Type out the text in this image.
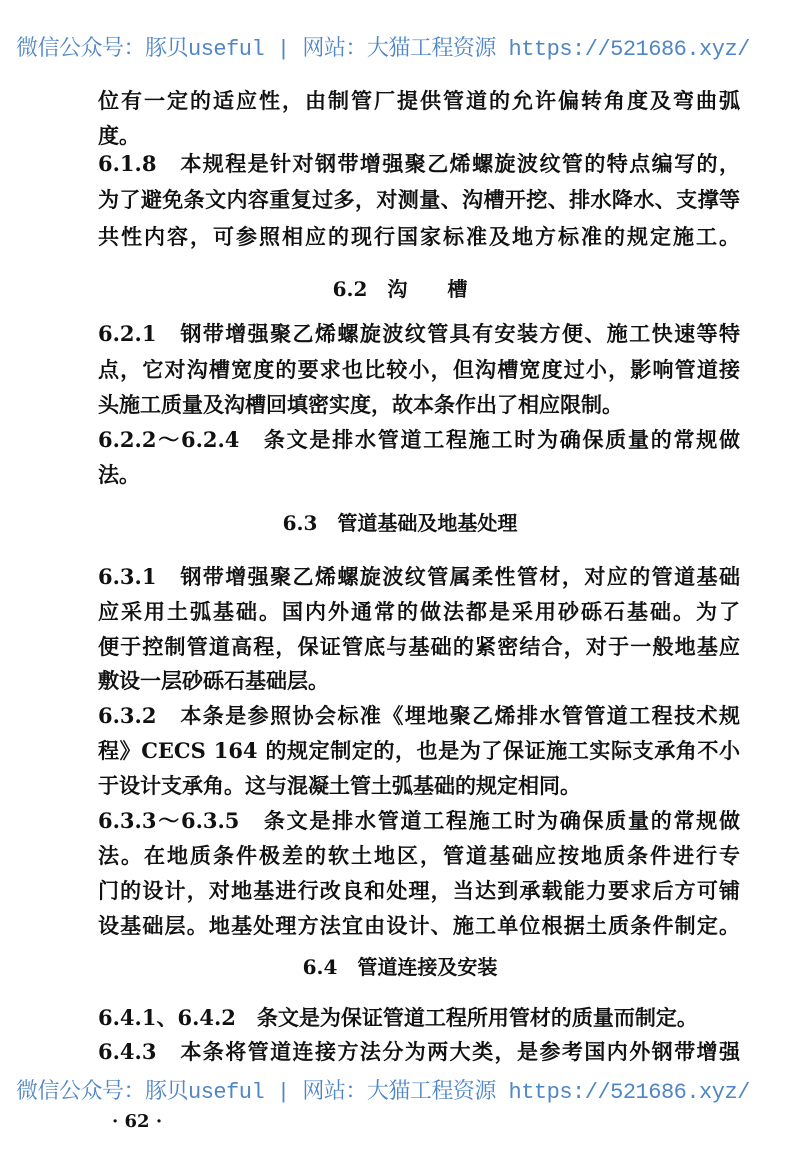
微信公众号：豚贝useful | 网站：大猫工程资源 https://521686.xyz/
位有一定的适应性，由制管厂提供管道的允许偏转角度及弯曲弧
度。
6.1.8　本规程是针对钢带增强聚乙烯螺旋波纹管的特点编写的，
为了避免条文内容重复过多，对测量、沟槽开挖、排水降水、支撑等
共性内容，可参照相应的现行国家标准及地方标准的规定施工。
6.2　沟　　槽
6.2.1　钢带增强聚乙烯螺旋波纹管具有安装方便、施工快速等特
点，它对沟槽宽度的要求也比较小，但沟槽宽度过小，影响管道接
头施工质量及沟槽回填密实度，故本条作出了相应限制。
6.2.2～6.2.4　条文是排水管道工程施工时为确保质量的常规做
法。
6.3　管道基础及地基处理
6.3.1　钢带增强聚乙烯螺旋波纹管属柔性管材，对应的管道基础
应采用土弧基础。国内外通常的做法都是采用砂砾石基础。为了
便于控制管道高程，保证管底与基础的紧密结合，对于一般地基应
敷设一层砂砾石基础层。
6.3.2　本条是参照协会标准《埋地聚乙烯排水管管道工程技术规
程》CECS 164 的规定制定的，也是为了保证施工实际支承角不小
于设计支承角。这与混凝土管土弧基础的规定相同。
6.3.3～6.3.5　条文是排水管道工程施工时为确保质量的常规做
法。在地质条件极差的软土地区，管道基础应按地质条件进行专
门的设计，对地基进行改良和处理，当达到承载能力要求后方可铺
设基础层。地基处理方法宜由设计、施工单位根据土质条件制定。
6.4　管道连接及安装
6.4.1、6.4.2　条文是为保证管道工程所用管材的质量而制定。
6.4.3　本条将管道连接方法分为两大类，是参考国内外钢带增强
微信公众号：豚贝useful | 网站：大猫工程资源 https://521686.xyz/
· 62 ·
